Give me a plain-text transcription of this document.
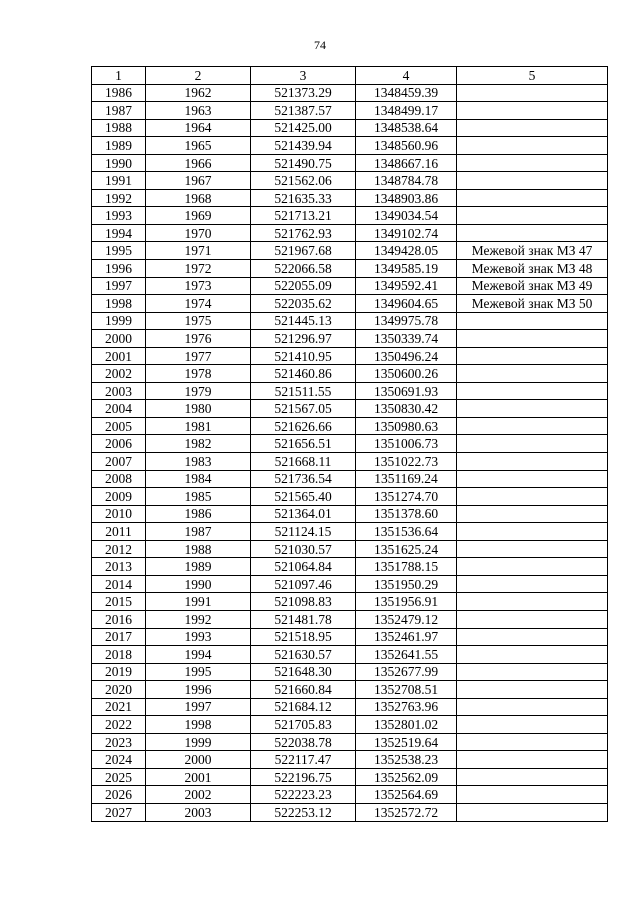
74
1	2	3	4	5
1986	1962	521373.29	1348459.39	
1987	1963	521387.57	1348499.17	
1988	1964	521425.00	1348538.64	
1989	1965	521439.94	1348560.96	
1990	1966	521490.75	1348667.16	
1991	1967	521562.06	1348784.78	
1992	1968	521635.33	1348903.86	
1993	1969	521713.21	1349034.54	
1994	1970	521762.93	1349102.74	
1995	1971	521967.68	1349428.05	Межевой знак МЗ 47
1996	1972	522066.58	1349585.19	Межевой знак МЗ 48
1997	1973	522055.09	1349592.41	Межевой знак МЗ 49
1998	1974	522035.62	1349604.65	Межевой знак МЗ 50
1999	1975	521445.13	1349975.78	
2000	1976	521296.97	1350339.74	
2001	1977	521410.95	1350496.24	
2002	1978	521460.86	1350600.26	
2003	1979	521511.55	1350691.93	
2004	1980	521567.05	1350830.42	
2005	1981	521626.66	1350980.63	
2006	1982	521656.51	1351006.73	
2007	1983	521668.11	1351022.73	
2008	1984	521736.54	1351169.24	
2009	1985	521565.40	1351274.70	
2010	1986	521364.01	1351378.60	
2011	1987	521124.15	1351536.64	
2012	1988	521030.57	1351625.24	
2013	1989	521064.84	1351788.15	
2014	1990	521097.46	1351950.29	
2015	1991	521098.83	1351956.91	
2016	1992	521481.78	1352479.12	
2017	1993	521518.95	1352461.97	
2018	1994	521630.57	1352641.55	
2019	1995	521648.30	1352677.99	
2020	1996	521660.84	1352708.51	
2021	1997	521684.12	1352763.96	
2022	1998	521705.83	1352801.02	
2023	1999	522038.78	1352519.64	
2024	2000	522117.47	1352538.23	
2025	2001	522196.75	1352562.09	
2026	2002	522223.23	1352564.69	
2027	2003	522253.12	1352572.72	
